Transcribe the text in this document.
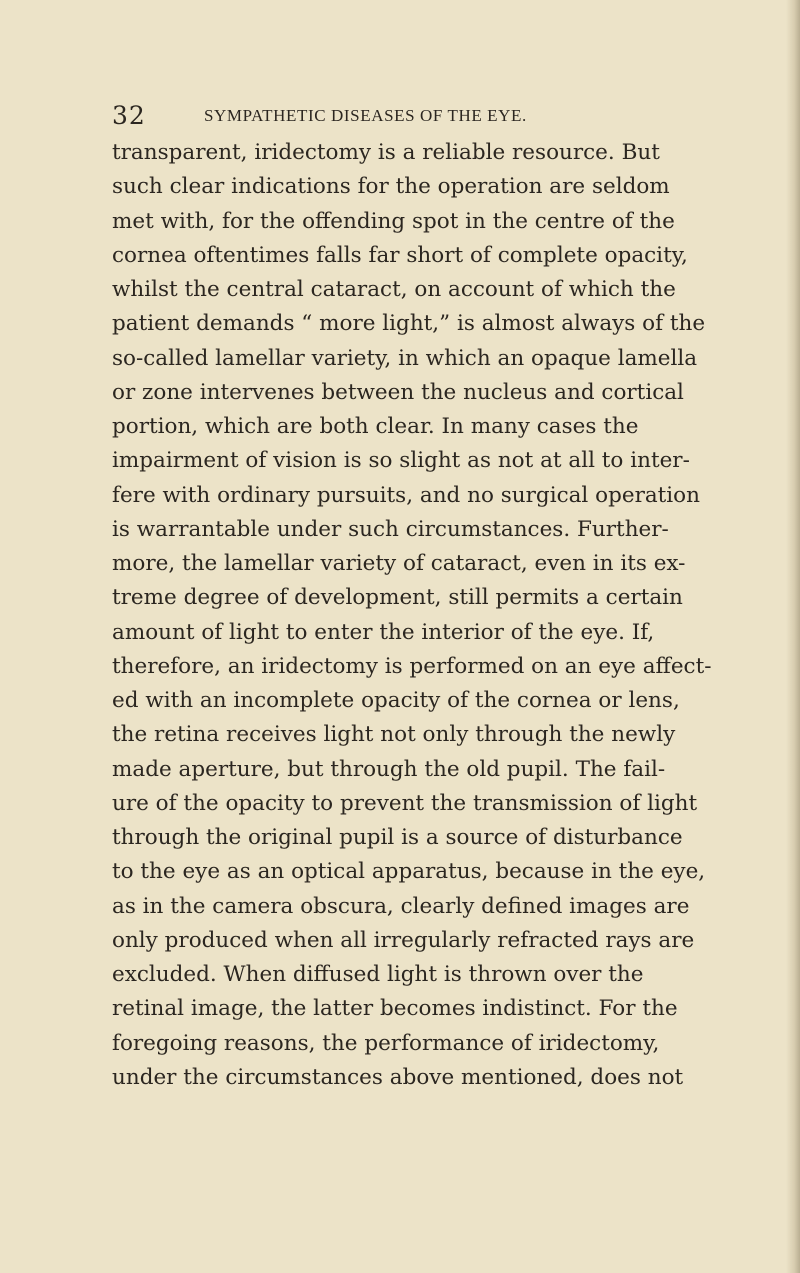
32	SYMPATHETIC DISEASES OF THE EYE.
transparent, iridectomy is a reliable resource. But
such clear indications for the operation are seldom
met with, for the offending spot in the centre of the
cornea oftentimes falls far short of complete opacity,
whilst the central cataract, on account of which the
patient demands “ more light,” is almost always of the
so-called lamellar variety, in which an opaque lamella
or zone intervenes between the nucleus and cortical
portion, which are both clear. In many cases the
impairment of vision is so slight as not at all to inter-
fere with ordinary pursuits, and no surgical operation
is warrantable under such circumstances. Further-
more, the lamellar variety of cataract, even in its ex-
treme degree of development, still permits a certain
amount of light to enter the interior of the eye. If,
therefore, an iridectomy is performed on an eye affect-
ed with an incomplete opacity of the cornea or lens,
the retina receives light not only through the newly
made aperture, but through the old pupil. The fail-
ure of the opacity to prevent the transmission of light
through the original pupil is a source of disturbance
to the eye as an optical apparatus, because in the eye,
as in the camera obscura, clearly defined images are
only produced when all irregularly refracted rays are
excluded. When diffused light is thrown over the
retinal image, the latter becomes indistinct. For the
foregoing reasons, the performance of iridectomy,
under the circumstances above mentioned, does not
